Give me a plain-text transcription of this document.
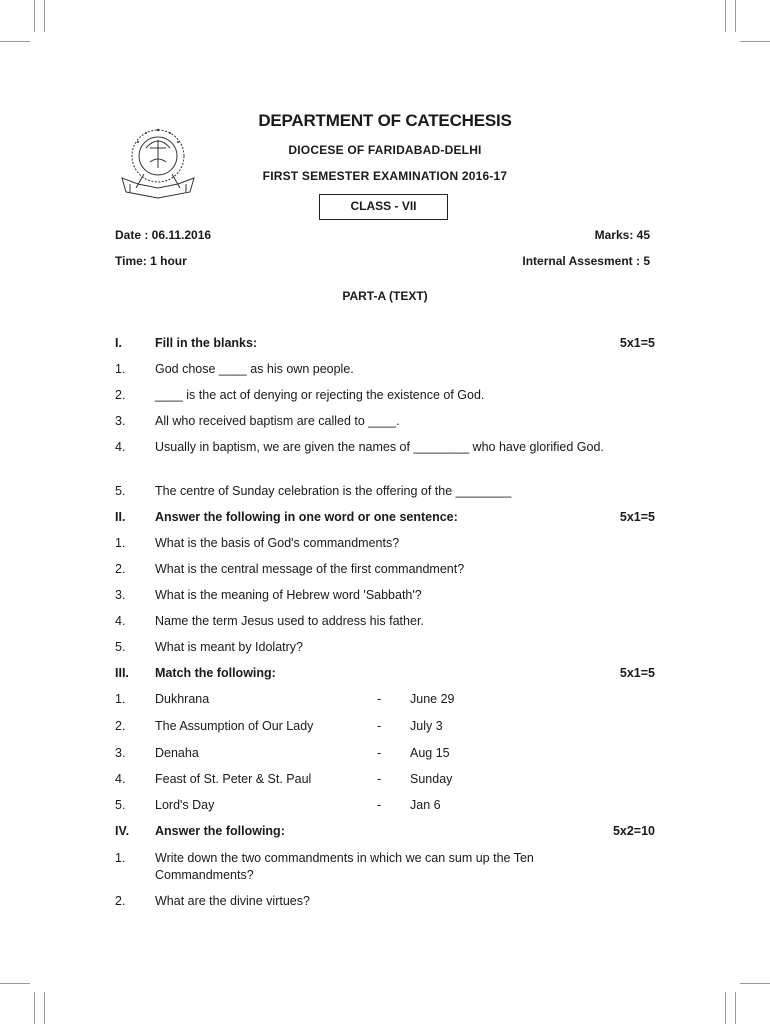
DEPARTMENT OF CATECHESIS
DIOCESE OF FARIDABAD-DELHI
FIRST SEMESTER EXAMINATION 2016-17
CLASS - VII
Date : 06.11.2016	Marks: 45
Time: 1 hour	Internal Assesment : 5
PART-A (TEXT)
I.	Fill in the blanks:	5x1=5
1. God chose ____ as his own people.
2. ____ is the act of denying or rejecting the existence of God.
3. All who received baptism are called to ____.
4. Usually in baptism, we are given the names of ________ who have glorified God.
5. The centre of Sunday celebration is the offering of the ________
II. Answer the following in one word or one sentence:	5x1=5
1. What is the basis of God's commandments?
2. What is the central message of the first commandment?
3. What is the meaning of Hebrew word 'Sabbath'?
4. Name the term Jesus used to address his father.
5. What is meant by Idolatry?
III. Match the following:	5x1=5
1. Dukhrana	- June 29
2. The Assumption of Our Lady	- July 3
3. Denaha	- Aug 15
4. Feast of St. Peter & St. Paul	- Sunday
5. Lord's Day	- Jan 6
IV. Answer the following:	5x2=10
1. Write down the two commandments in which we can sum up the Ten Commandments?
2. What are the divine virtues?
